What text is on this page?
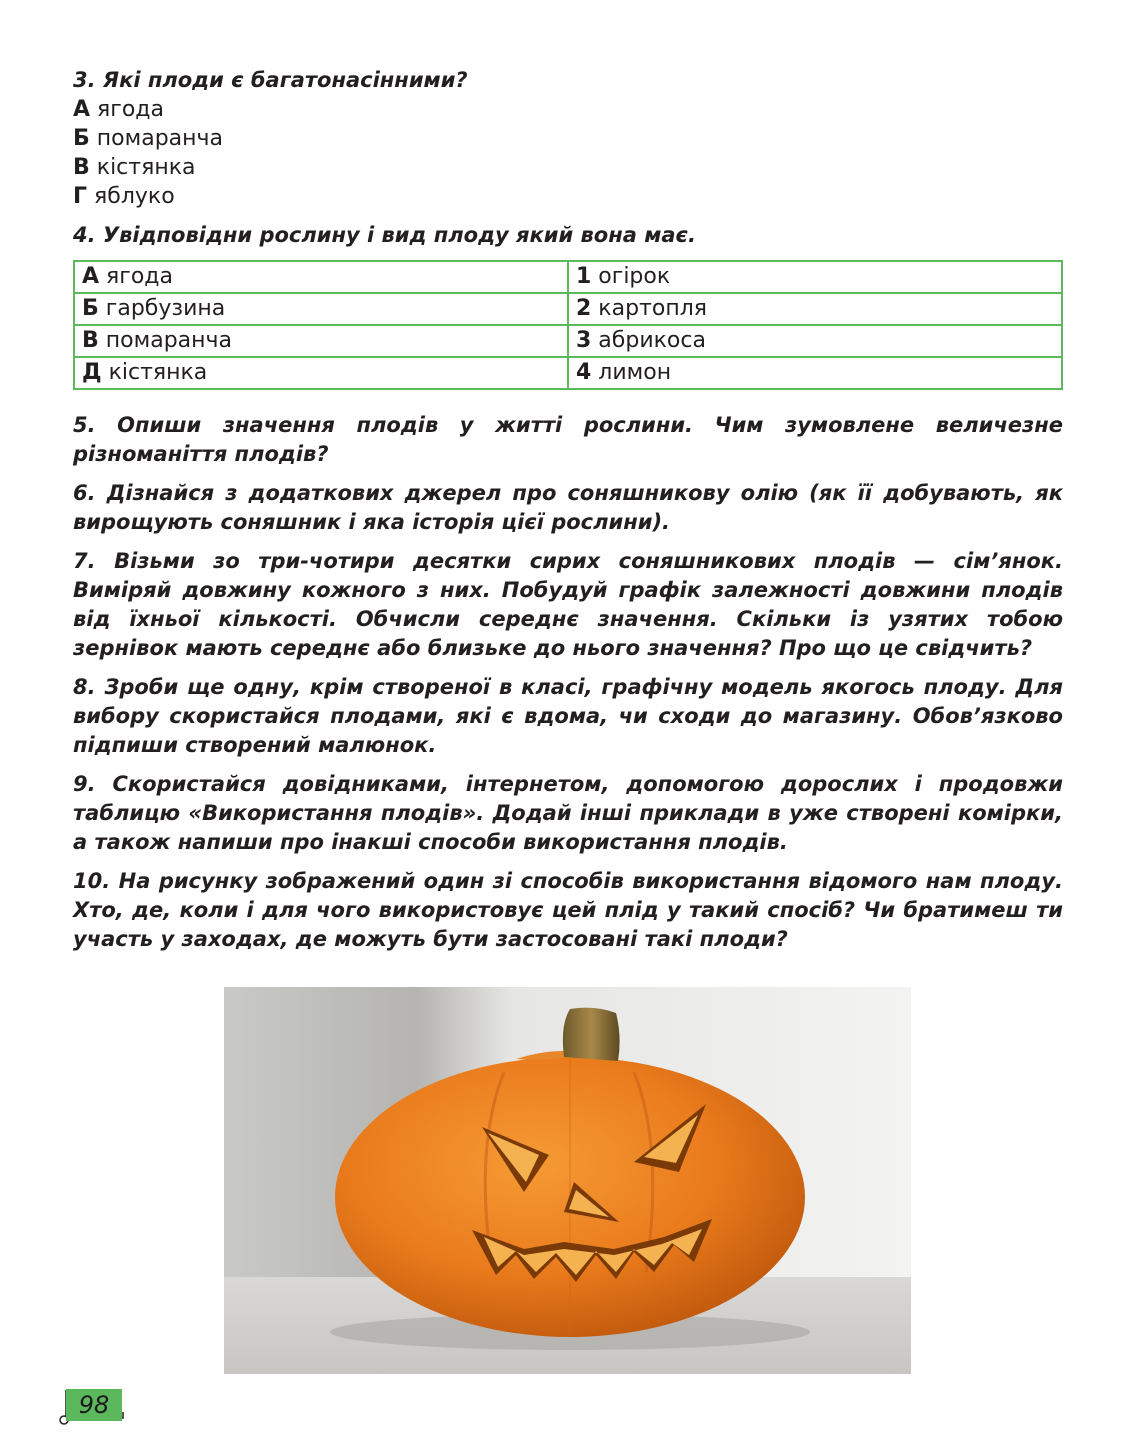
3. Які плоди є багатонасінними?

А ягода
Б помаранча
В кістянка
Г яблуко

4. Увідповідни рослину і вид плоду який вона має.

А ягода	1 огірок
Б гарбузина	2 картопля
В помаранча	3 абрикоса
Д кістянка	4 лимон

5. Опиши значення плодів у житті рослини. Чим зумовлене величезне різноманіття плодів?

6. Дізнайся з додаткових джерел про соняшникову олію (як її добувають, як вирощують соняшник і яка історія цієї рослини).

7. Візьми зо три-чотири десятки сирих соняшникових плодів — сім’янок. Виміряй довжину кожного з них. Побудуй графік залежності довжини плодів від їхньої кількості. Обчисли середнє значення. Скільки із узятих тобою зернівок мають середнє або близьке до нього значення? Про що це свідчить?

8. Зроби ще одну, крім створеної в класі, графічну модель якогось плоду. Для вибору скористайся плодами, які є вдома, чи сходи до магазину. Обов’язково підпиши створений малюнок.

9. Скористайся довідниками, інтернетом, допомогою дорослих і продовжи таблицю «Використання плодів». Додай інші приклади в уже створені комірки, а також напиши про інакші способи використання плодів.

10. На рисунку зображений один зі способів використання відомого нам плоду. Хто, де, коли і для чого використовує цей плід у такий спосіб? Чи братимеш ти участь у заходах, де можуть бути застосовані такі плоди?

98
